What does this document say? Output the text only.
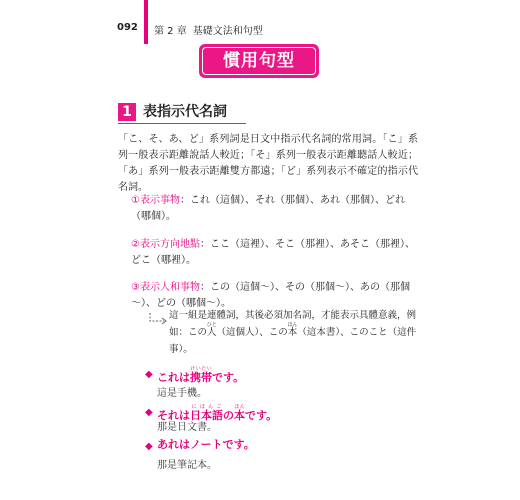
092 第 2 章 基礎文法和句型
慣用句型
1 表指示代名詞
「こ、そ、あ、ど」系列詞是日文中指示代名詞的常用詞。「こ」系列一般表示距離說話人較近；「そ」系列一般表示距離聽話人較近；「あ」系列一般表示距離雙方都遠；「ど」系列表示不確定的指示代名詞。
①表示事物：これ（這個）、それ（那個）、あれ（那個）、どれ（哪個）。
②表示方向地點：ここ（這裡）、そこ（那裡）、あそこ（那裡）、どこ（哪裡）。
③表示人和事物：この（這個～）、その（那個～）、あの（那個～）、どの（哪個～）。
這一組是連體詞，其後必須加名詞，才能表示具體意義，例
如：この人ひと（這個人）、この本ほん（這本書）、このこと（這件
事）。
◆ これは携帯けいたいです。
這是手機。
◆ それは日本語にほんごの本ほんです。
那是日文書。
◆ あれはノートです。
那是筆記本。
